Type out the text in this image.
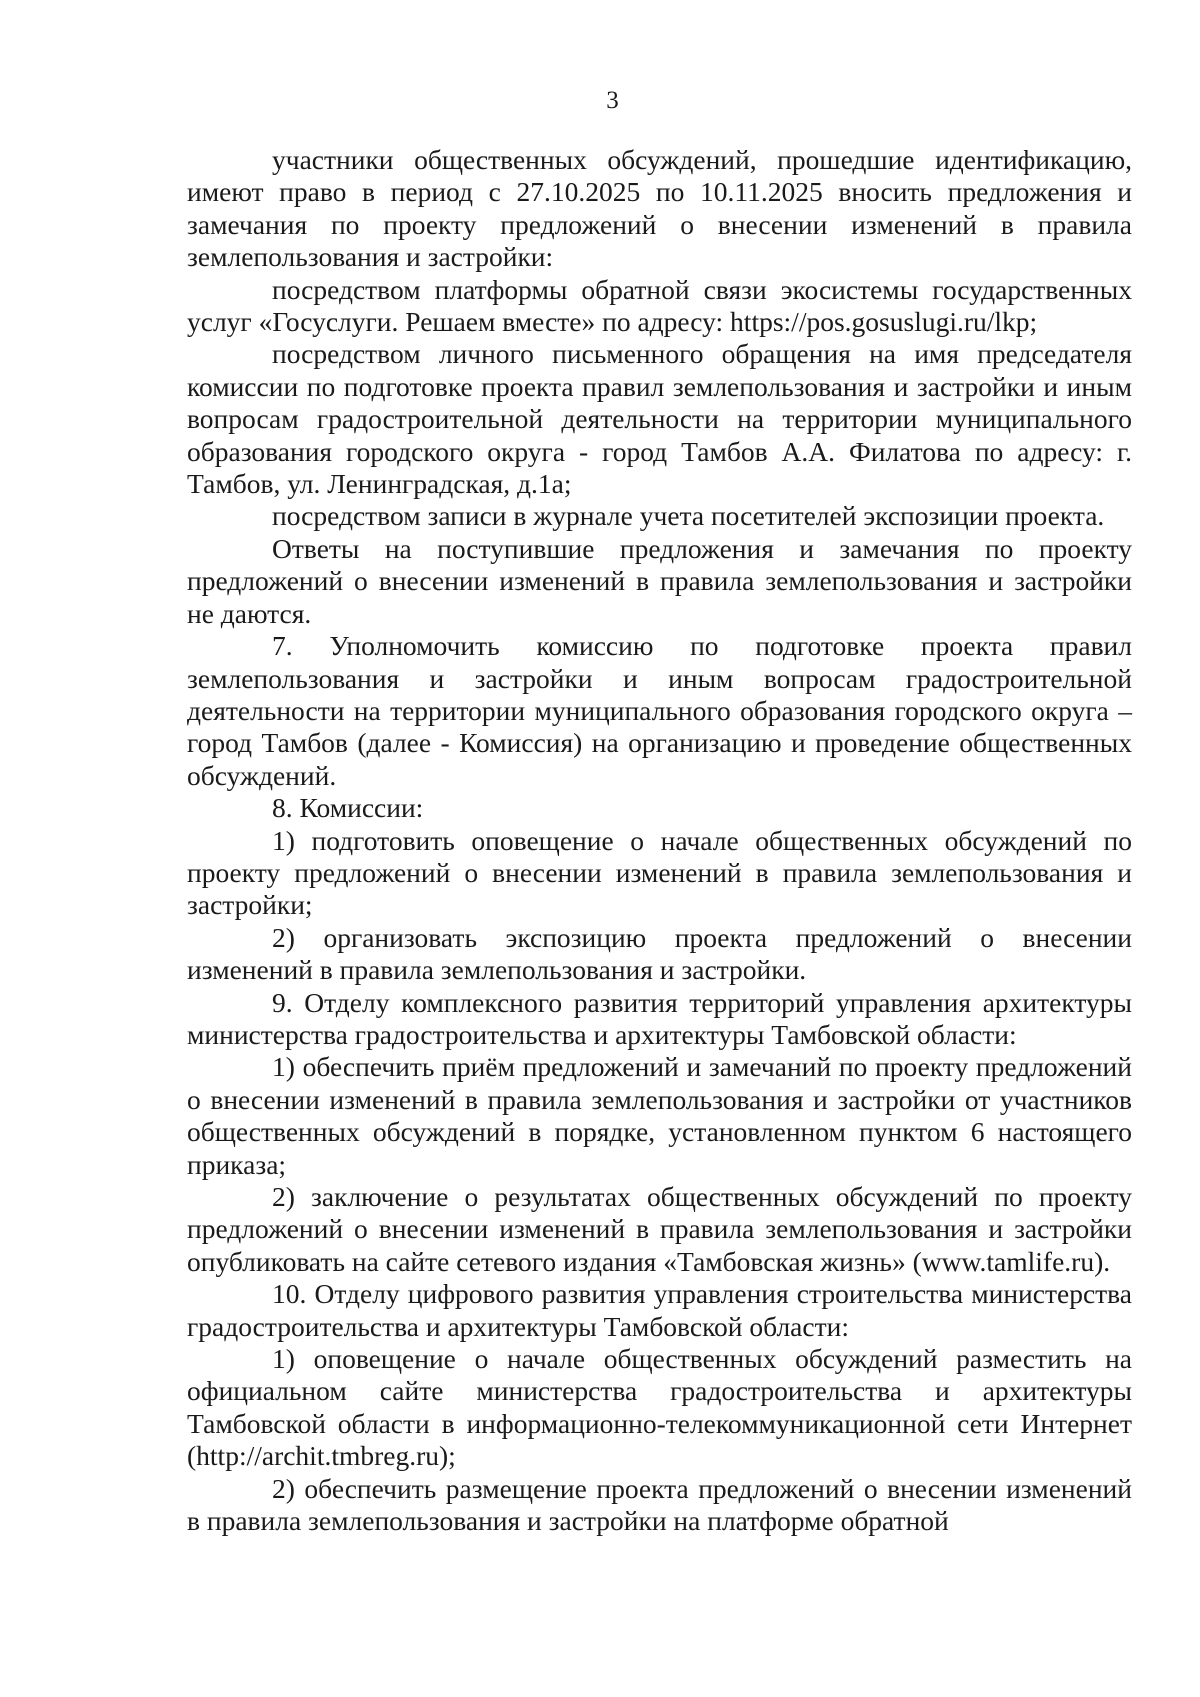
3

участники общественных обсуждений, прошедшие идентификацию, имеют право в период с 27.10.2025 по 10.11.2025 вносить предложения и замечания по проекту предложений о внесении изменений в правила землепользования и застройки:

посредством платформы обратной связи экосистемы государственных услуг «Госуслуги. Решаем вместе» по адресу: https://pos.gosuslugi.ru/lkp;

посредством личного письменного обращения на имя председателя комиссии по подготовке проекта правил землепользования и застройки и иным вопросам градостроительной деятельности на территории муниципального образования городского округа - город Тамбов А.А. Филатова по адресу: г. Тамбов, ул. Ленинградская, д.1а;

посредством записи в журнале учета посетителей экспозиции проекта.

Ответы на поступившие предложения и замечания по проекту предложений о внесении изменений в правила землепользования и застройки не даются.

7. Уполномочить комиссию по подготовке проекта правил землепользования и застройки и иным вопросам градостроительной деятельности на территории муниципального образования городского округа – город Тамбов (далее - Комиссия) на организацию и проведение общественных обсуждений.

8. Комиссии:

1) подготовить оповещение о начале общественных обсуждений по проекту предложений о внесении изменений в правила землепользования и застройки;

2) организовать экспозицию проекта предложений о внесении изменений в правила землепользования и застройки.

9. Отделу комплексного развития территорий управления архитектуры министерства градостроительства и архитектуры Тамбовской области:

1) обеспечить приём предложений и замечаний по проекту предложений о внесении изменений в правила землепользования и застройки от участников общественных обсуждений в порядке, установленном пунктом 6 настоящего приказа;

2) заключение о результатах общественных обсуждений по проекту предложений о внесении изменений в правила землепользования и застройки опубликовать на сайте сетевого издания «Тамбовская жизнь» (www.tamlife.ru).

10. Отделу цифрового развития управления строительства министерства градостроительства и архитектуры Тамбовской области:

1) оповещение о начале общественных обсуждений разместить на официальном сайте министерства градостроительства и архитектуры Тамбовской области в информационно-телекоммуникационной сети Интернет (http://archit.tmbreg.ru);

2) обеспечить размещение проекта предложений о внесении изменений в правила землепользования и застройки на платформе обратной
